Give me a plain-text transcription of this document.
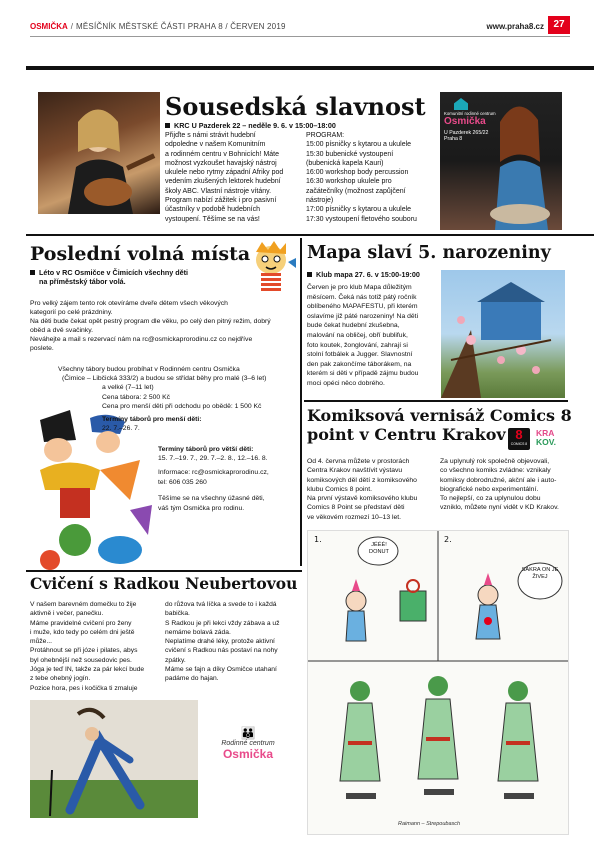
OSMIČKA / MĚSÍČNÍK MĚSTSKÉ ČÁSTI PRAHA 8 / ČERVEN 2019	www.praha8.cz 27
Sousedská slavnost
KRC U Pazderek 22 – neděle 9. 6. v 15:00–18:00
Přijďte s námi strávit hudební
odpoledne v našem Komunitním
a rodinném centru v Bohnicích! Máte
možnost vyzkoušet havajský nástroj
ukulele nebo rytmy západní Afriky pod
vedením zkušených lektorek hudební
školy ABC. Vlastní nástroje vítány.
Program nabízí zážitek i pro pasivní
účastníky v podobě hudebních
vystoupení. Těšíme se na vás!
PROGRAM:
15:00 písničky s kytarou a ukulele
15:30 bubenické vystoupení
(bubenická kapela Kauri)
16:00 workshop body percussion
16:30 workshop ukulele pro
začátečníky (možnost zapůjčení
nástroje)
17:00 písničky s kytarou a ukulele
17:30 vystoupení fletového souboru
Komunitní rodinné centrum
Osmička
U Pazderek 265/22
Praha 8
Poslední volná místa
Léto v RC Osmičce v Čimicích všechny děti
na příměstský tábor volá.
Pro velký zájem tento rok otevíráme dveře dětem všech věkových
kategorií po celé prázdniny.
Na děti bude čekat opět pestrý program dle věku, po celý den pitný režim, dobrý
oběd a dvě svačinky.
Neváhejte a mail s rezervací nám na rc@osmickaprorodinu.cz co nejdříve
poslete.
Všechny tábory budou probíhat v Rodinném centru Osmička
(Čimice – Libčická 333/2) a budou se střídat běhy pro malé (3–6 let)
a velké (7–11 let)
Cena tábora: 2 500 Kč
Cena pro menší děti při odchodu po obědě: 1 500 Kč
Termíny táborů pro menší děti:
22. 7.–26. 7.
Termíny táborů pro větší děti:
15. 7.–19. 7., 29. 7.–2. 8., 12.–16. 8.
Informace: rc@osmickaprorodinu.cz,
tel: 606 035 260
Těšíme se na všechny úžasné děti,
váš tým Osmička pro rodinu.
Mapa slaví 5. narozeniny
Klub mapa 27. 6. v 15:00-19:00
Červen je pro klub Mapa důležitým
měsícem. Čeká nás totiž pátý ročník
oblíbeného MAPAFESTU, při kterém
oslavíme již páté narozeniny! Na děti
bude čekat hudební zkušebna,
malování na obličej, obří bublifuk,
foto koutek, žonglování, zahrají si
stolní fotbálek a Jugger. Slavnostní
den pak zakončíme táborákem, na
kterém si děti v případě zájmu budou
moci opéci něco dobrého.
Komiksová vernisáž Comics 8
point v Centru Krakov 8
COMICS 8
KRA
KOV.
Od 4. června můžete v prostorách
Centra Krakov navštívit výstavu
komiksových děl dětí z komiksového
klubu Comics 8 point.
Na první výstavě komiksového klubu
Comics 8 Point se představí děti
ve věkovém rozmezí 10–13 let.
Za uplynulý rok společně objevovali,
co všechno komiks zvládne: vznikaly
komiksy dobrodružné, akční ale i auto-
biografické nebo experimentální.
To nejlepší, co za uplynulou dobu
vzniklo, můžete nyní vidět v KD Krakov.
1.	2.
JÉÉÉ! DONUT
SAKRA ON JE ŽIVEJ
Raimann – Strepoubasch
Cvičení s Radkou Neubertovou
V našem barevném domečku to žije
aktivně i večer, panečku.
Máme pravidelné cvičení pro ženy
i muže, kdo tedy po celém dni ještě
může...
Protáhnout se při józe i pilates, abys
byl ohebnější než sousedovic pes.
Jóga je teď IN, takže za pár lekcí bude
z tebe ohebný jogín.
Pozice hora, pes i kočička ti zmaluje
do růžova tvá líčka a svede to i každá
babička.
S Radkou je při lekci vždy zábava a už
nemáme bolavá záda.
Neplatíme drahé léky, protože aktivní
cvičení s Radkou nás postaví na nohy
zpátky.
Máme se fajn a díky Osmičce utahaní
padáme do hajan.
👪
Rodinné centrum
Osmička
